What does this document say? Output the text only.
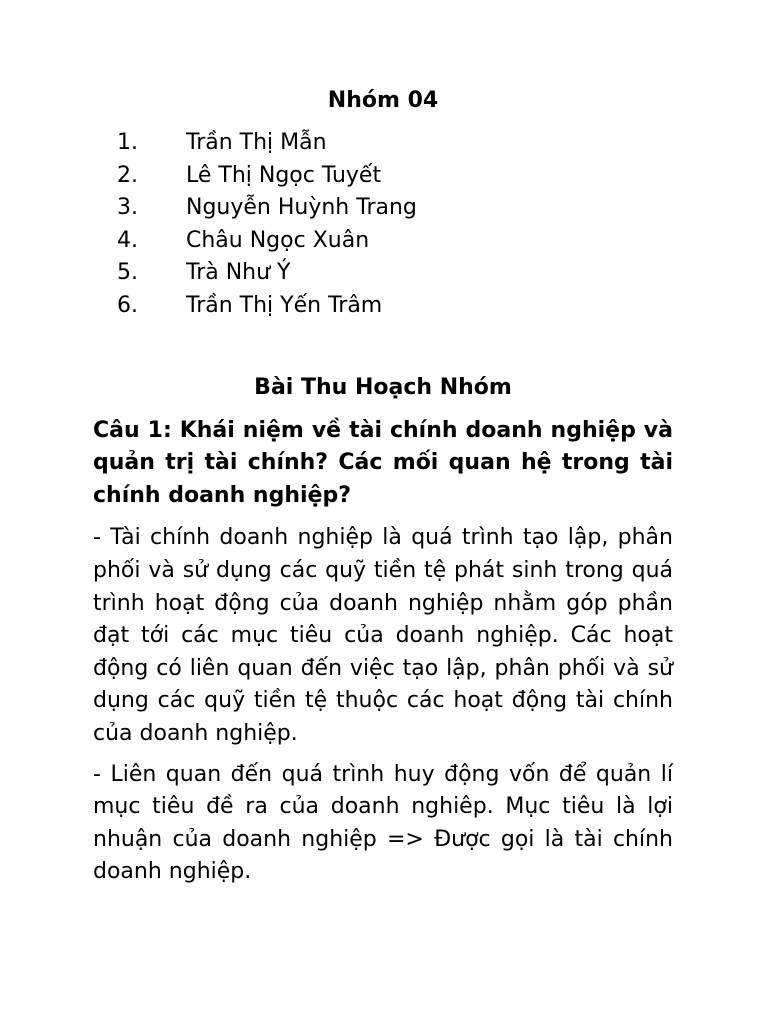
Nhóm 04
1. Trần Thị Mẫn
2. Lê Thị Ngọc Tuyết
3. Nguyễn Huỳnh Trang
4. Châu Ngọc Xuân
5. Trà Như Ý
6. Trần Thị Yến Trâm
Bài Thu Hoạch Nhóm

Câu 1: Khái niệm về tài chính doanh nghiệp và quản trị tài chính? Các mối quan hệ trong tài chính doanh nghiệp?

- Tài chính doanh nghiệp là quá trình tạo lập, phân phối và sử dụng các quỹ tiền tệ phát sinh trong quá trình hoạt động của doanh nghiệp nhằm góp phần đạt tới các mục tiêu của doanh nghiệp. Các hoạt động có liên quan đến việc tạo lập, phân phối và sử dụng các quỹ tiền tệ thuộc các hoạt động tài chính của doanh nghiệp.

- Liên quan đến quá trình huy động vốn để quản lí mục tiêu đề ra của doanh nghiêp. Mục tiêu là lợi nhuận của doanh nghiệp => Được gọi là tài chính doanh nghiệp.
